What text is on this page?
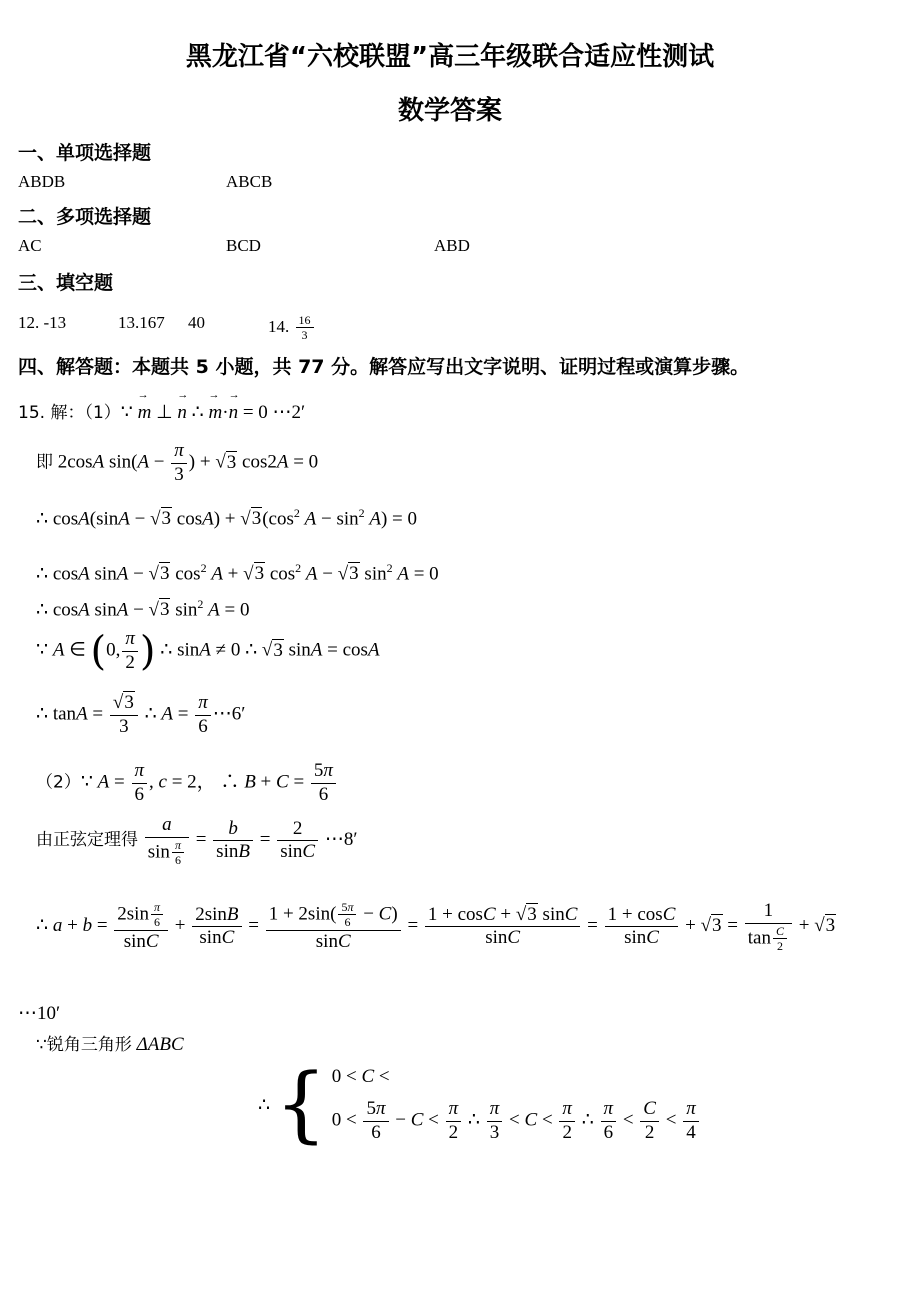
黑龙江省“六校联盟”高三年级联合适应性测试
数学答案
一、单项选择题
ABDB	ABCB
二、多项选择题
AC	BCD	ABD
三、填空题
12. -13	13.167 40	14. $\frac{16}{3}$
四、解答题：本题共 5 小题，共 77 分。解答应写出文字说明、证明过程或演算步骤。
15. 解：（1）∵ → m ⊥ → n ∴ → m·→ n = 0 ⋯2′
即 2cosA $\sin(A - \frac{\pi}{3}$ ) + √3 cos2A = 0
∴ cosA(sinA − √3 $\cos A) + √3(\cos^2$ $A - \sin^2 A) = 0$
∴ cosA sinA − √3 $\cos^2 A + √3$ $\cos^2 A - √3$ $\sin^2 A = 0$
∴ cosA sinA − √3 $\sin^2 A = 0$
∵ A ∈ (0, $\frac{\pi}{2}$ ) ∴ sinA ≠ 0 ∴ √3 sinA = cosA
∴ $\tan A = \frac{√3}{3}$ ∴ $A = \frac{\pi}{6}$ ⋯6′
（2）∵ $A = \frac{\pi}{6}$ , c = 2， ∴ $B + C = \frac{5\pi}{6}$
由正弦定理得 $\frac{a}{\sin \frac{\pi}{6}} = \frac{b}{\sin B} = \frac{2}{\sin C}$ ⋯8′
∴ $a + b = \frac{2\sin \frac{\pi}{6}}{\sin C} + \frac{2\sin B}{\sin C} = \frac{1 + 2\sin( \frac{5\pi}{6} - C)}{\sin C} = \frac{1 + \cos C + √3 \sin C}{\sin C} = \frac{1 + \cos C}{\sin C} + √3 = \frac{1}{\tan \frac{C}{2}} + √3$
⋯10′
∵锐角三角形 ΔABC
∴ { 0 < C <
$0 < \frac{5\pi}{6} - C < \frac{\pi}{2}$ ∴ $\frac{\pi}{3} < C < \frac{\pi}{2}$ ∴ $\frac{\pi}{6} < \frac{C}{2} < \frac{\pi}{4}$
